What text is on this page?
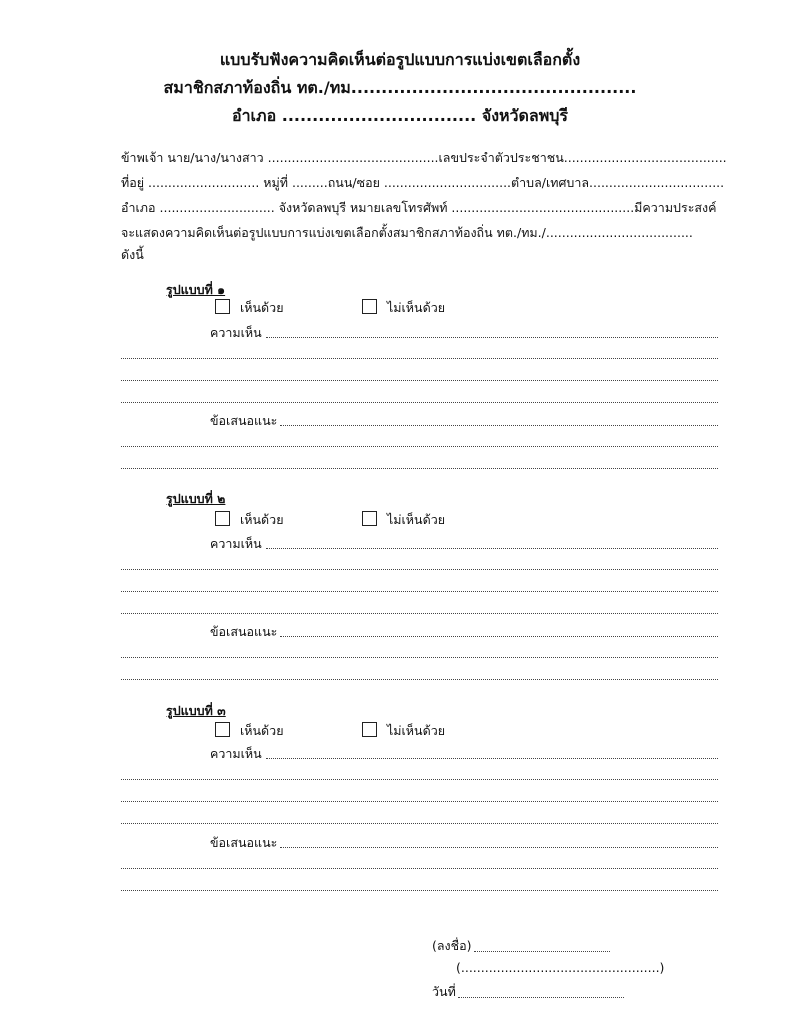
แบบรับฟังความคิดเห็นต่อรูปแบบการแบ่งเขตเลือกตั้ง
สมาชิกสภาท้องถิ่น ทต./ทม...............................................
อำเภอ ................................ จังหวัดลพบุรี
ข้าพเจ้า นาย/นาง/นางสาว ...........................................เลขประจำตัวประชาชน.........................................
ที่อยู่ ............................ หมู่ที่ .........ถนน/ซอย ................................ตำบล/เทศบาล..................................
อำเภอ ............................. จังหวัดลพบุรี หมายเลขโทรศัพท์ ..............................................มีความประสงค์
จะแสดงความคิดเห็นต่อรูปแบบการแบ่งเขตเลือกตั้งสมาชิกสภาท้องถิ่น ทต./ทม./.....................................
ดังนี้
รูปแบบที่ ๑
เห็นด้วย	ไม่เห็นด้วย
ความเห็น
ข้อเสนอแนะ
รูปแบบที่ ๒
เห็นด้วย	ไม่เห็นด้วย
ความเห็น
ข้อเสนอแนะ
รูปแบบที่ ๓
เห็นด้วย	ไม่เห็นด้วย
ความเห็น
ข้อเสนอแนะ
(ลงชื่อ)
(..................................................)
วันที่
